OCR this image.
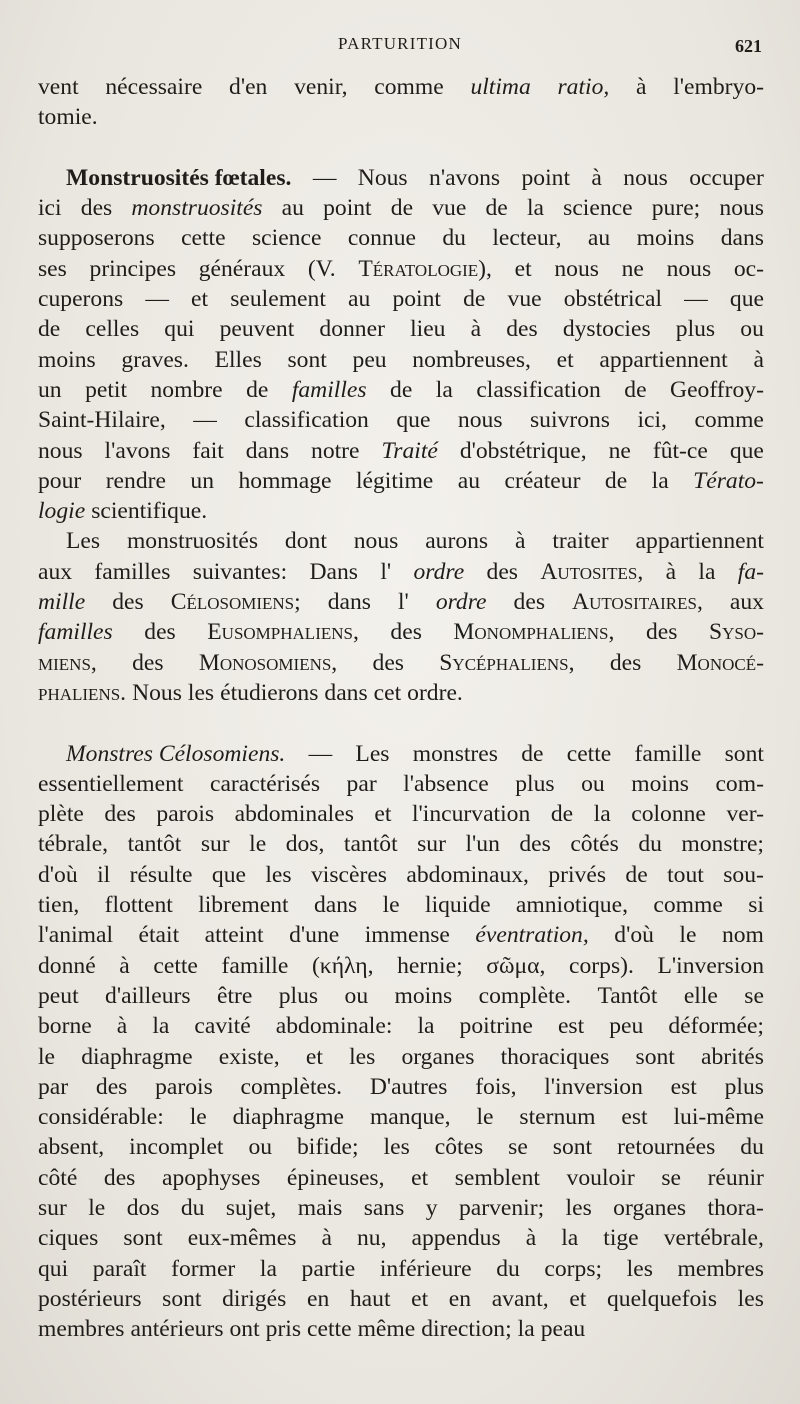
PARTURITION	621
vent nécessaire d'en venir, comme ultima ratio, à l'embryo-
tomie.
Monstruosités fœtales. — Nous n'avons point à nous occuper
ici des monstruosités au point de vue de la science pure; nous
supposerons cette science connue du lecteur, au moins dans
ses principes généraux (V. Tératologie), et nous ne nous oc-
cuperons — et seulement au point de vue obstétrical — que
de celles qui peuvent donner lieu à des dystocies plus ou
moins graves. Elles sont peu nombreuses, et appartiennent à
un petit nombre de familles de la classification de Geoffroy-
Saint-Hilaire, — classification que nous suivrons ici, comme
nous l'avons fait dans notre Traité d'obstétrique, ne fût-ce que
pour rendre un hommage légitime au créateur de la Térato-
logie scientifique.
Les monstruosités dont nous aurons à traiter appartiennent
aux familles suivantes: Dans l' ordre des Autosites, à la fa-
mille des Célosomiens; dans l' ordre des Autositaires, aux
familles des Eusomphaliens, des Monomphaliens, des Syso-
miens, des Monosomiens, des Sycéphaliens, des Monocé-
phaliens. Nous les étudierons dans cet ordre.
Monstres Célosomiens. — Les monstres de cette famille sont
essentiellement caractérisés par l'absence plus ou moins com-
plète des parois abdominales et l'incurvation de la colonne ver-
tébrale, tantôt sur le dos, tantôt sur l'un des côtés du monstre;
d'où il résulte que les viscères abdominaux, privés de tout sou-
tien, flottent librement dans le liquide amniotique, comme si
l'animal était atteint d'une immense éventration, d'où le nom
donné à cette famille (κήλη, hernie; σῶμα, corps). L'inversion
peut d'ailleurs être plus ou moins complète. Tantôt elle se
borne à la cavité abdominale: la poitrine est peu déformée;
le diaphragme existe, et les organes thoraciques sont abrités
par des parois complètes. D'autres fois, l'inversion est plus
considérable: le diaphragme manque, le sternum est lui-même
absent, incomplet ou bifide; les côtes se sont retournées du
côté des apophyses épineuses, et semblent vouloir se réunir
sur le dos du sujet, mais sans y parvenir; les organes thora-
ciques sont eux-mêmes à nu, appendus à la tige vertébrale,
qui paraît former la partie inférieure du corps; les membres
postérieurs sont dirigés en haut et en avant, et quelquefois les
membres antérieurs ont pris cette même direction; la peau
